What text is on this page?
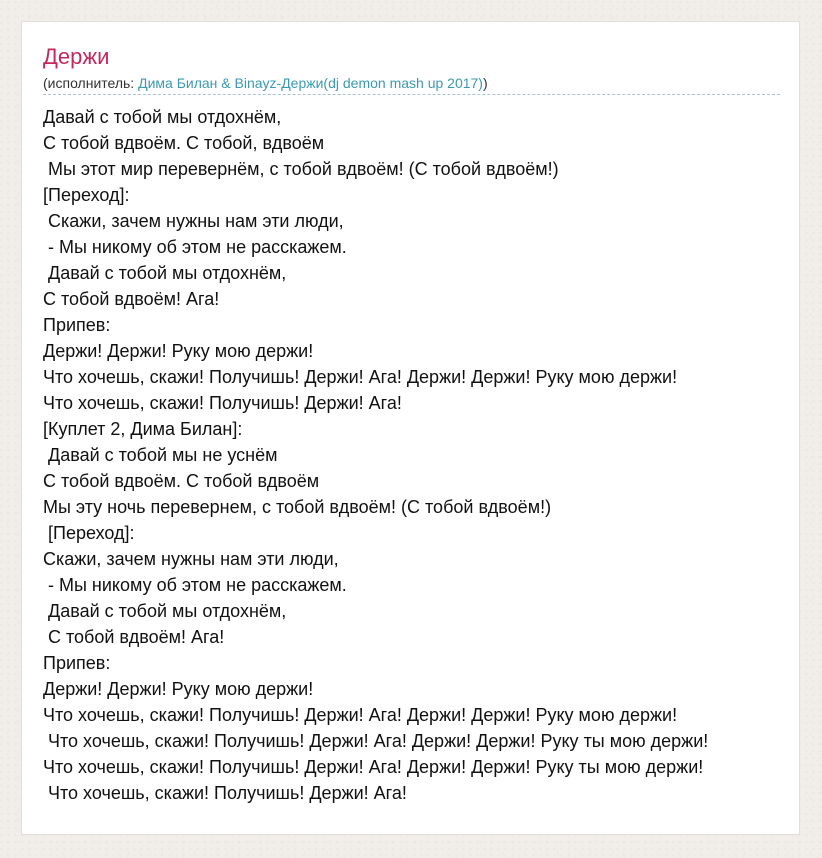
Держи
(исполнитель: Дима Билан & Binayz-Держи(dj demon mash up 2017))
Давай с тобой мы отдохнём,
С тобой вдвоём. С тобой, вдвоём
Мы этот мир перевернём, с тобой вдвоём! (С тобой вдвоём!)
[Переход]:
Скажи, зачем нужны нам эти люди,
- Мы никому об этом не расскажем.
Давай с тобой мы отдохнём,
С тобой вдвоём! Ага!
Припев:
Держи! Держи! Руку мою держи!
Что хочешь, скажи! Получишь! Держи! Ага! Держи! Держи! Руку мою держи!
Что хочешь, скажи! Получишь! Держи! Ага!
[Куплет 2, Дима Билан]:
Давай с тобой мы не уснём
С тобой вдвоём. С тобой вдвоём
Мы эту ночь перевернем, с тобой вдвоём! (С тобой вдвоём!)
[Переход]:
Скажи, зачем нужны нам эти люди,
- Мы никому об этом не расскажем.
Давай с тобой мы отдохнём,
С тобой вдвоём! Ага!
Припев:
Держи! Держи! Руку мою держи!
Что хочешь, скажи! Получишь! Держи! Ага! Держи! Держи! Руку мою держи!
Что хочешь, скажи! Получишь! Держи! Ага! Держи! Держи! Руку ты мою держи!
Что хочешь, скажи! Получишь! Держи! Ага! Держи! Держи! Руку ты мою держи!
Что хочешь, скажи! Получишь! Держи! Ага!
